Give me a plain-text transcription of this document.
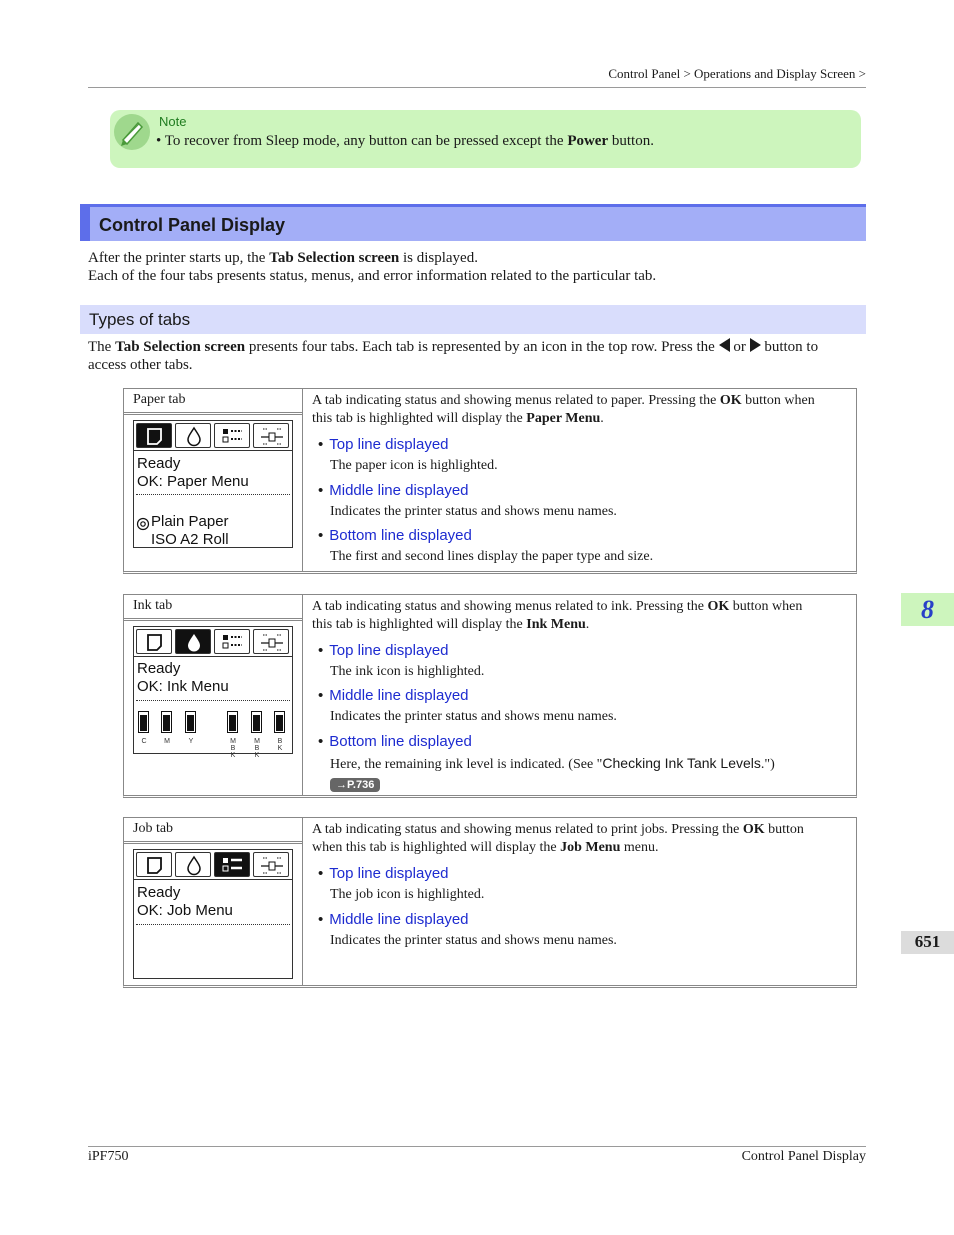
Control Panel > Operations and Display Screen >
Note
• To recover from Sleep mode, any button can be pressed except the Power button.
Control Panel Display
After the printer starts up, the Tab Selection screen is displayed.
Each of the four tabs presents status, menus, and error information related to the particular tab.
Types of tabs
The Tab Selection screen presents four tabs. Each tab is represented by an icon in the top row. Press the  or  button to
access other tabs.
Paper tab
Ready
OK: Paper Menu
Plain Paper
ISO A2 Roll
A tab indicating status and showing menus related to paper. Pressing the OK button when
this tab is highlighted will display the Paper Menu.
• Top line displayed
The paper icon is highlighted.
• Middle line displayed
Indicates the printer status and shows menu names.
• Bottom line displayed
The first and second lines display the paper type and size.
Ink tab
Ready
OK: Ink Menu
C	M	Y	M
B
K
M
B
K
B
K
A tab indicating status and showing menus related to ink. Pressing the OK button when
this tab is highlighted will display the Ink Menu.
• Top line displayed
The ink icon is highlighted.
• Middle line displayed
Indicates the printer status and shows menu names.
• Bottom line displayed
Here, the remaining ink level is indicated. (See "Checking Ink Tank Levels.")
→P.736
Job tab
Ready
OK: Job Menu
A tab indicating status and showing menus related to print jobs. Pressing the OK button
when this tab is highlighted will display the Job Menu menu.
• Top line displayed
The job icon is highlighted.
• Middle line displayed
Indicates the printer status and shows menu names.
8
651
iPF750	Control Panel Display
